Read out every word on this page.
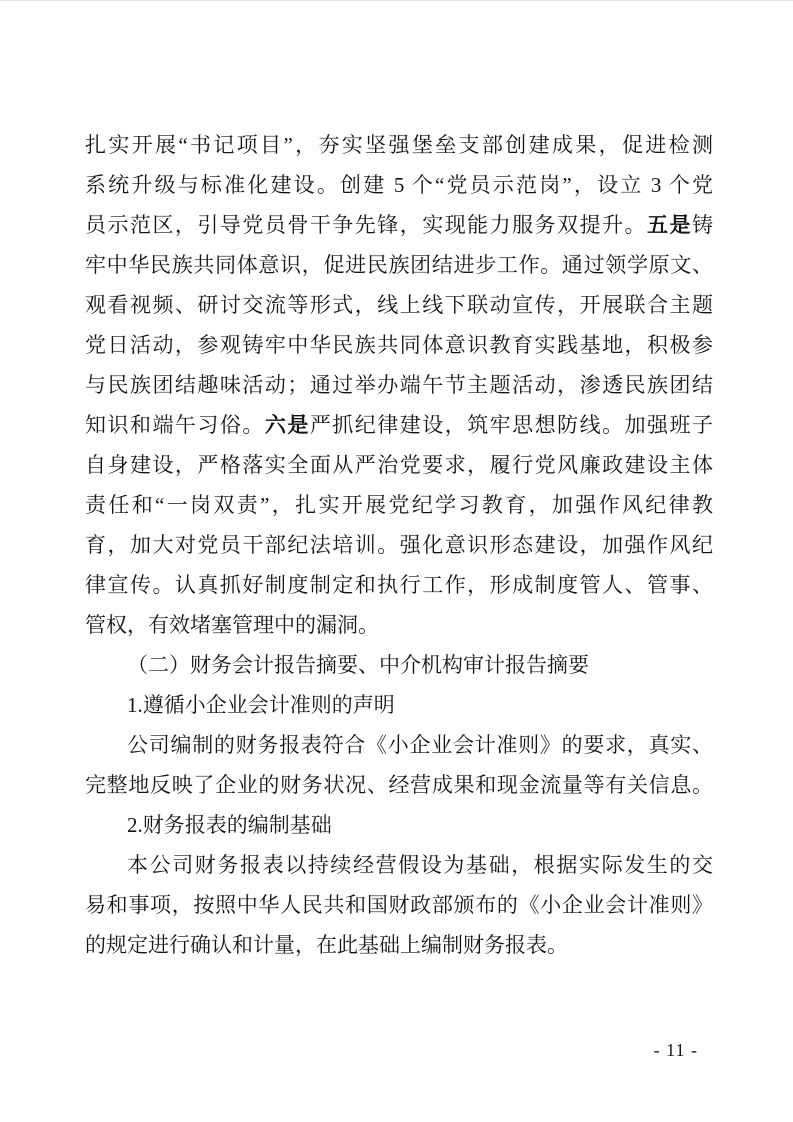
扎实开展“书记项目”，夯实坚强堡垒支部创建成果，促进检测
系统升级与标准化建设。创建 5 个“党员示范岗”，设立 3 个党
员示范区，引导党员骨干争先锋，实现能力服务双提升。五是铸
牢中华民族共同体意识，促进民族团结进步工作。通过领学原文、
观看视频、研讨交流等形式，线上线下联动宣传，开展联合主题
党日活动，参观铸牢中华民族共同体意识教育实践基地，积极参
与民族团结趣味活动；通过举办端午节主题活动，渗透民族团结
知识和端午习俗。六是严抓纪律建设，筑牢思想防线。加强班子
自身建设，严格落实全面从严治党要求，履行党风廉政建设主体
责任和“一岗双责”，扎实开展党纪学习教育，加强作风纪律教
育，加大对党员干部纪法培训。强化意识形态建设，加强作风纪
律宣传。认真抓好制度制定和执行工作，形成制度管人、管事、
管权，有效堵塞管理中的漏洞。
（二）财务会计报告摘要、中介机构审计报告摘要
1.遵循小企业会计准则的声明
公司编制的财务报表符合《小企业会计准则》的要求，真实、
完整地反映了企业的财务状况、经营成果和现金流量等有关信息。
2.财务报表的编制基础
本公司财务报表以持续经营假设为基础，根据实际发生的交
易和事项，按照中华人民共和国财政部颁布的《小企业会计准则》
的规定进行确认和计量，在此基础上编制财务报表。
- 11 -
